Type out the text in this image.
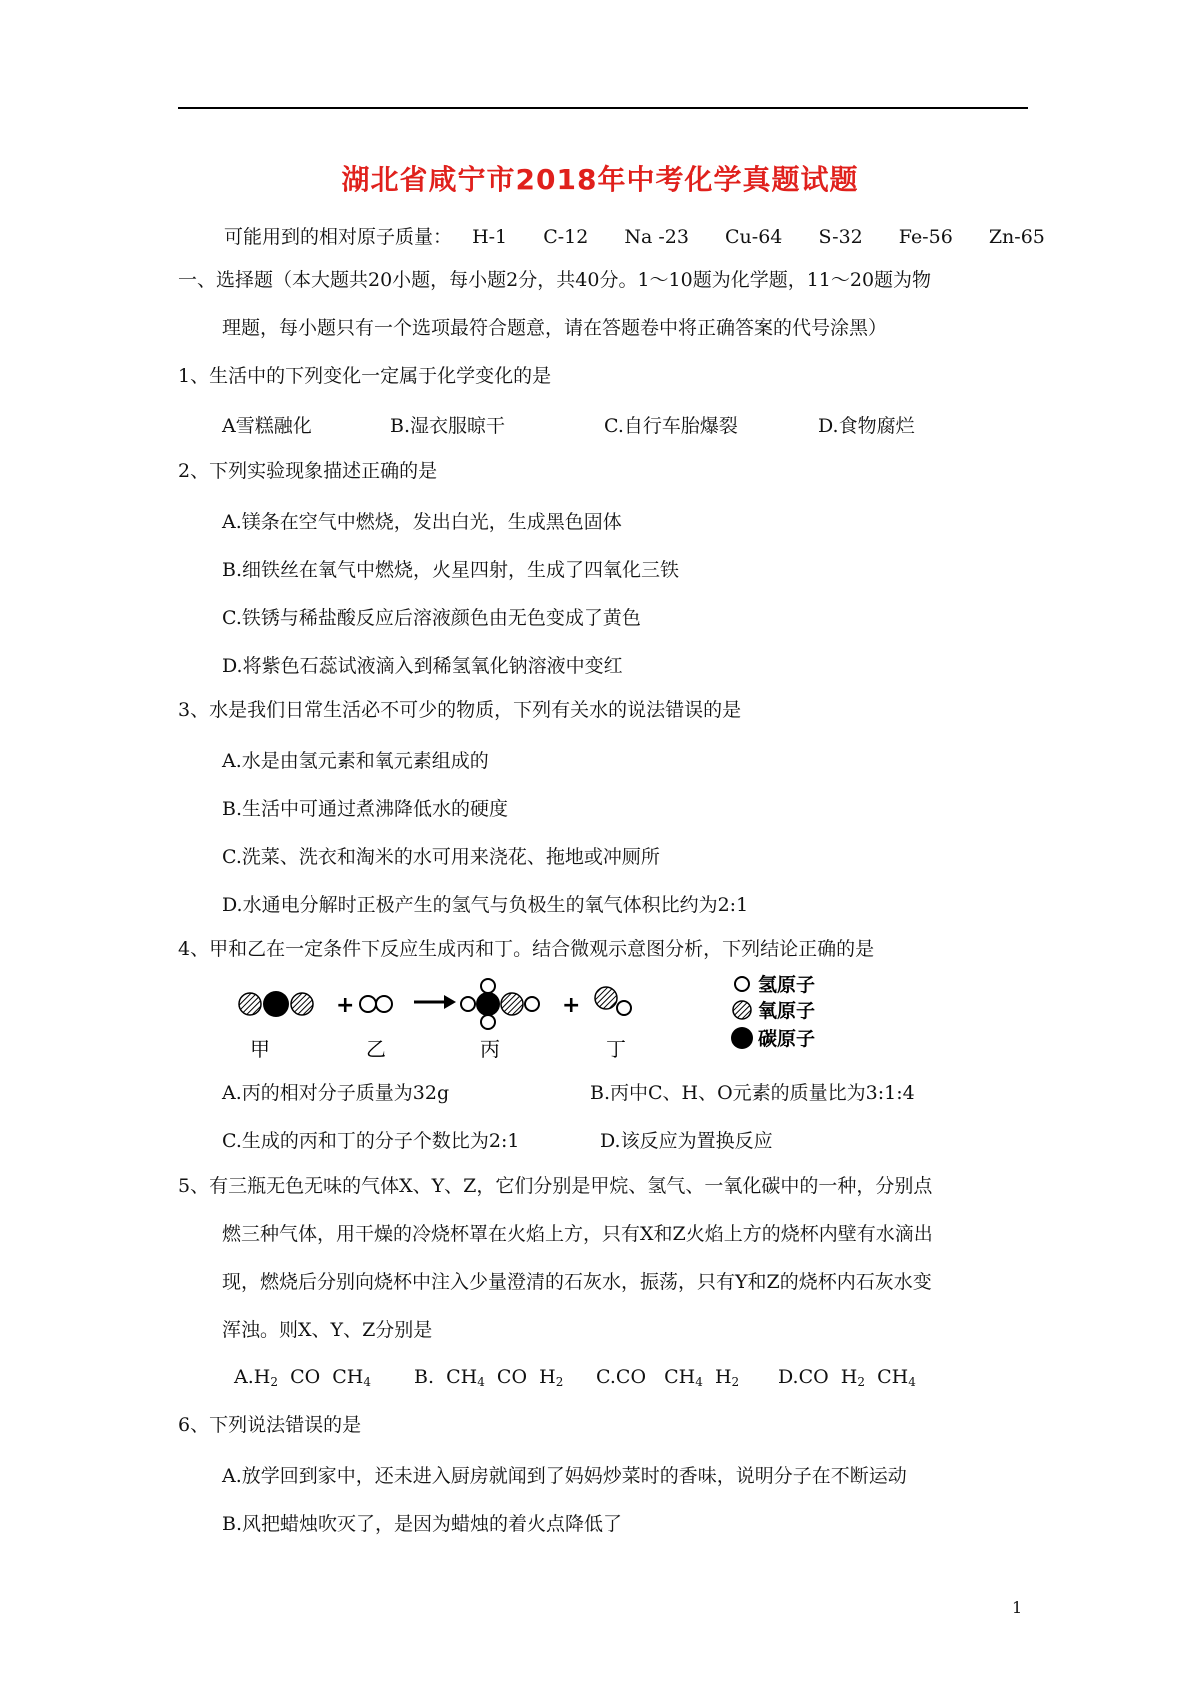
湖北省咸宁市2018年中考化学真题试题
可能用到的相对原子质量： H-1 C-12 Na -23 Cu-64 S-32 Fe-56 Zn-65
一、选择题（本大题共20小题，每小题2分，共40分。1～10题为化学题，11～20题为物
理题，每小题只有一个选项最符合题意，请在答题卷中将正确答案的代号涂黑）
1、生活中的下列变化一定属于化学变化的是
A雪糕融化	B.湿衣服晾干	C.自行车胎爆裂	D.食物腐烂
2、下列实验现象描述正确的是
A.镁条在空气中燃烧，发出白光，生成黑色固体
B.细铁丝在氧气中燃烧，火星四射，生成了四氧化三铁
C.铁锈与稀盐酸反应后溶液颜色由无色变成了黄色
D.将紫色石蕊试液滴入到稀氢氧化钠溶液中变红
3、水是我们日常生活必不可少的物质，下列有关水的说法错误的是
A.水是由氢元素和氧元素组成的
B.生活中可通过煮沸降低水的硬度
C.洗菜、洗衣和淘米的水可用来浇花、拖地或冲厕所
D.水通电分解时正极产生的氢气与负极生的氧气体积比约为2:1
4、甲和乙在一定条件下反应生成丙和丁。结合微观示意图分析，下列结论正确的是
+	+
甲	乙	丙	丁
氢原子
氧原子
碳原子
A.丙的相对分子质量为32g	B.丙中C、H、O元素的质量比为3:1:4
C.生成的丙和丁的分子个数比为2:1	D.该反应为置换反应
5、有三瓶无色无味的气体X、Y、Z，它们分别是甲烷、氢气、一氧化碳中的一种，分别点
燃三种气体，用干燥的冷烧杯罩在火焰上方，只有X和Z火焰上方的烧杯内壁有水滴出
现，燃烧后分别向烧杯中注入少量澄清的石灰水，振荡，只有Y和Z的烧杯内石灰水变
浑浊。则X、Y、Z分别是
$A.H_2$  CO  $CH_4$ B.  $CH_4$  CO  $H_2$ C.CO   $CH_4$  $H_2$ D.CO  $H_2$  $CH_4$
6、下列说法错误的是
A.放学回到家中，还未进入厨房就闻到了妈妈炒菜时的香味，说明分子在不断运动
B.风把蜡烛吹灭了，是因为蜡烛的着火点降低了
1
